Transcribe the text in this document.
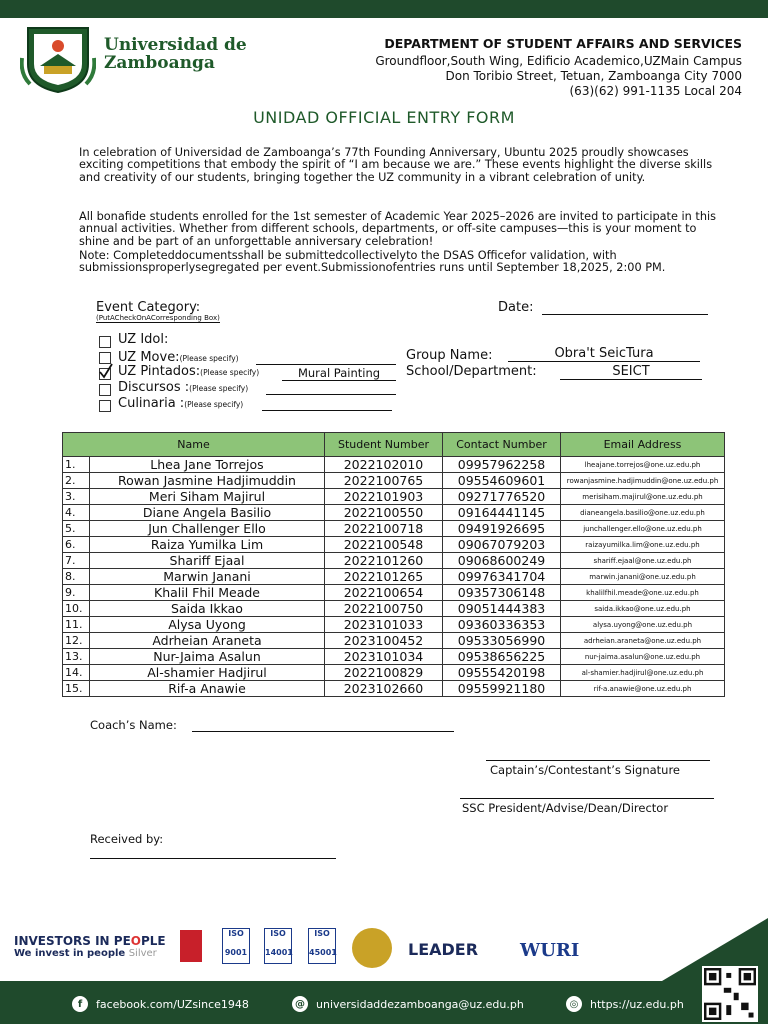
Universidad de
Zamboanga
DEPARTMENT OF STUDENT AFFAIRS AND SERVICES
Groundfloor,South Wing, Edificio Academico,UZMain Campus
Don Toribio Street, Tetuan, Zamboanga City 7000
(63)(62) 991-1135 Local 204
UNIDAD OFFICIAL ENTRY FORM
In celebration of Universidad de Zamboanga’s 77th Founding Anniversary, Ubuntu 2025 proudly showcases exciting competitions that embody the spirit of “I am because we are.” These events highlight the diverse skills and creativity of our students, bringing together the UZ community in a vibrant celebration of unity.
All bonafide students enrolled for the 1st semester of Academic Year 2025–2026 are invited to participate in this annual activities. Whether from different schools, departments, or off-site campuses—this is your moment to shine and be part of an unforgettable anniversary celebration!
Note: Completeddocumentsshall be submittedcollectivelyto the DSAS Officefor validation, with submissionsproperlysegregated per event.Submissionofentries runs until September 18,2025, 2:00 PM.
Event Category:
(PutACheckOnACorresponding Box)
Date:
UZ Idol:
UZ Move:(Please specify)
UZ Pintados:(Please specify)	Mural Painting
Discursos :(Please specify)
Culinaria :(Please specify)
Group Name:	Obra't SeicTura
School/Department:	SEICT
Name		Student Number	Contact Number	Email Address
1.	Lhea Jane Torrejos	2022102010	09957962258	lheajane.torrejos@one.uz.edu.ph
2.	Rowan Jasmine Hadjimuddin	2022100765	09554609601	rowanjasmine.hadjimuddin@one.uz.edu.ph
3.	Meri Siham Majirul	2022101903	09271776520	merisiham.majirul@one.uz.edu.ph
4.	Diane Angela Basilio	2022100550	09164441145	dianeangela.basilio@one.uz.edu.ph
5.	Jun Challenger Ello	2022100718	09491926695	junchallenger.ello@one.uz.edu.ph
6.	Raiza Yumilka Lim	2022100548	09067079203	raizayumilka.lim@one.uz.edu.ph
7.	Shariff Ejaal	2022101260	09068600249	shariff.ejaal@one.uz.edu.ph
8.	Marwin Janani	2022101265	09976341704	marwin.janani@one.uz.edu.ph
9.	Khalil Fhil Meade	2022100654	09357306148	khalilfhil.meade@one.uz.edu.ph
10.	Saida Ikkao	2022100750	09051444383	saida.ikkao@one.uz.edu.ph
11.	Alysa Uyong	2023101033	09360336353	alysa.uyong@one.uz.edu.ph
12.	Adrheian Araneta	2023100452	09533056990	adrheian.araneta@one.uz.edu.ph
13.	Nur-Jaima Asalun	2023101034	09538656225	nur-jaima.asalun@one.uz.edu.ph
14.	Al-shamier Hadjirul	2022100829	09555420198	al-shamier.hadjirul@one.uz.edu.ph
15.	Rif-a Anawie	2023102660	09559921180	rif-a.anawie@one.uz.edu.ph
Coach’s Name:
Captain’s/Contestant’s Signature
SSC President/Advise/Dean/Director
Received by:
INVESTORS IN PEOPLE
We invest in people Silver
ISO
9001
ISO
14001
ISO
45001	LEADER WURI
f	facebook.com/UZsince1948	@ universidaddezamboanga@uz.edu.ph	◎	https://uz.edu.ph
